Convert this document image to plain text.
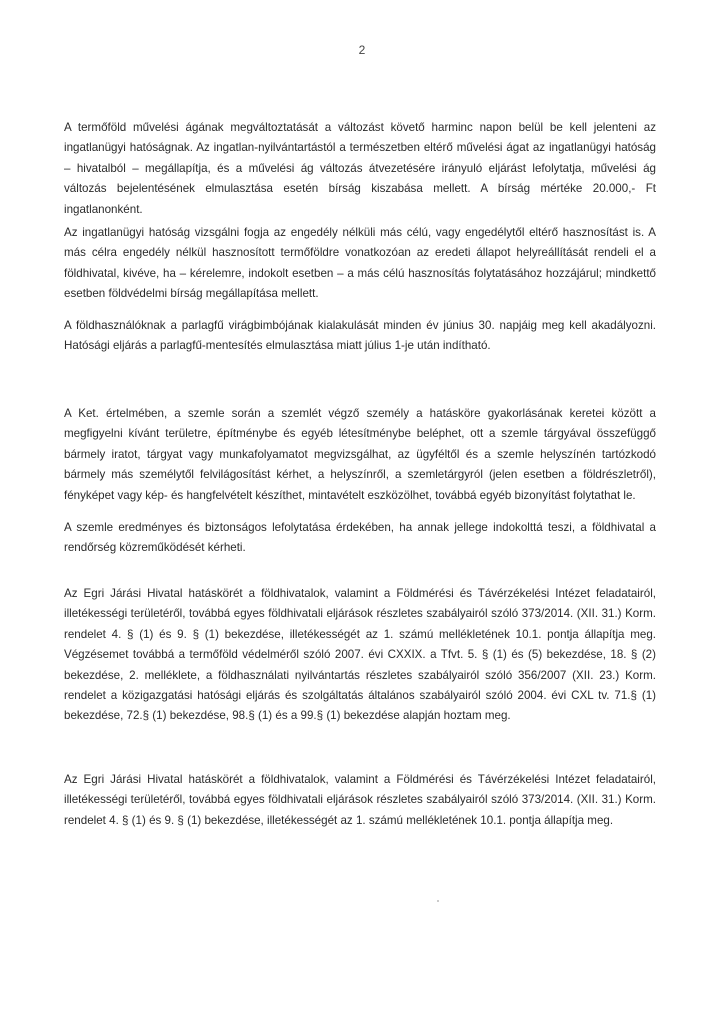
2

A termőföld művelési ágának megváltoztatását a változást követő harminc napon belül be kell jelenteni az ingatlanügyi hatóságnak. Az ingatlan-nyilvántartástól a természetben eltérő művelési ágat az ingatlanügyi hatóság – hivatalból – megállapítja, és a művelési ág változás átvezetésére irányuló eljárást lefolytatja, művelési ág változás bejelentésének elmulasztása esetén bírság kiszabása mellett. A bírság mértéke 20.000,- Ft ingatlanonként.

Az ingatlanügyi hatóság vizsgálni fogja az engedély nélküli más célú, vagy engedélytől eltérő hasznosítást is. A más célra engedély nélkül hasznosított termőföldre vonatkozóan az eredeti állapot helyreállítását rendeli el a földhivatal, kivéve, ha – kérelemre, indokolt esetben – a más célú hasznosítás folytatásához hozzájárul; mindkettő esetben földvédelmi bírság megállapítása mellett.

A földhasználóknak a parlagfű virágbimbójának kialakulását minden év június 30. napjáig meg kell akadályozni. Hatósági eljárás a parlagfű-mentesítés elmulasztása miatt július 1-je után indítható.

A Ket. értelmében, a szemle során a szemlét végző személy a hatásköre gyakorlásának keretei között a megfigyelni kívánt területre, építménybe és egyéb létesítménybe beléphet, ott a szemle tárgyával összefüggő bármely iratot, tárgyat vagy munkafolyamatot megvizsgálhat, az ügyféltől és a szemle helyszínén tartózkodó bármely más személytől felvilágosítást kérhet, a helyszínről, a szemletárgyról (jelen esetben a földrészletről), fényképet vagy kép- és hangfelvételt készíthet, mintavételt eszközölhet, továbbá egyéb bizonyítást folytathat le.

A szemle eredményes és biztonságos lefolytatása érdekében, ha annak jellege indokolttá teszi, a földhivatal a rendőrség közreműködését kérheti.

Az Egri Járási Hivatal hatáskörét a földhivatalok, valamint a Földmérési és Távérzékelési Intézet feladatairól, illetékességi területéről, továbbá egyes földhivatali eljárások részletes szabályairól szóló 373/2014. (XII. 31.) Korm. rendelet 4. § (1) és 9. § (1) bekezdése, illetékességét az 1. számú mellékletének 10.1. pontja állapítja meg. Végzésemet továbbá a termőföld védelméről szóló 2007. évi CXXIX. a Tfvt. 5. § (1) és (5) bekezdése, 18. § (2) bekezdése, 2. melléklete, a földhasználati nyilvántartás részletes szabályairól szóló 356/2007 (XII. 23.) Korm. rendelet a közigazgatási hatósági eljárás és szolgáltatás általános szabályairól szóló 2004. évi CXL tv. 71.§ (1) bekezdése, 72.§ (1) bekezdése, 98.§ (1) és a 99.§ (1) bekezdése alapján hoztam meg.

Az Egri Járási Hivatal hatáskörét a földhivatalok, valamint a Földmérési és Távérzékelési Intézet feladatairól, illetékességi területéről, továbbá egyes földhivatali eljárások részletes szabályairól szóló 373/2014. (XII. 31.) Korm. rendelet 4. § (1) és 9. § (1) bekezdése, illetékességét az 1. számú mellékletének 10.1. pontja állapítja meg.
